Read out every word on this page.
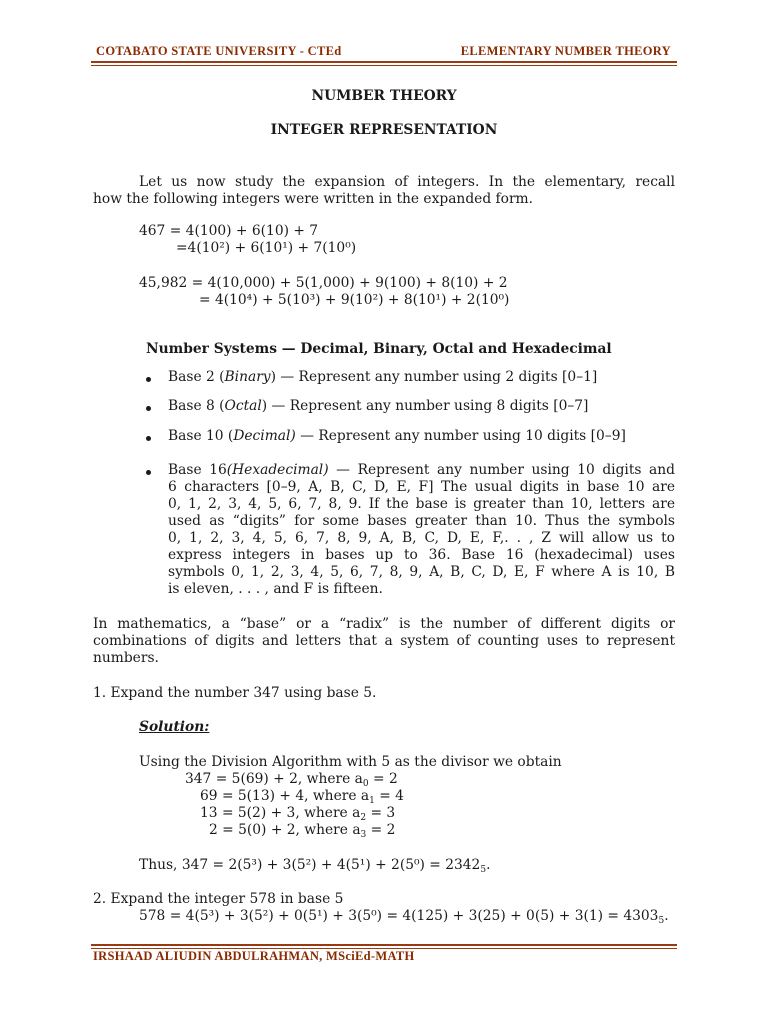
COTABATO STATE UNIVERSITY - CTEd	ELEMENTARY NUMBER THEORY
NUMBER THEORY
INTEGER REPRESENTATION
Let us now study the expansion of integers. In the elementary, recall
how the following integers were written in the expanded form.
467 = 4(100) + 6(10) + 7
=4(10²) + 6(10¹) + 7(10⁰)
45,982 = 4(10,000) + 5(1,000) + 9(100) + 8(10) + 2
= 4(10⁴) + 5(10³) + 9(10²) + 8(10¹) + 2(10⁰)
Number Systems — Decimal, Binary, Octal and Hexadecimal
Base 2 (Binary) — Represent any number using 2 digits [0–1]
Base 8 (Octal) — Represent any number using 8 digits [0–7]
Base 10 (Decimal) — Represent any number using 10 digits [0–9]
Base 16(Hexadecimal) — Represent any number using 10 digits and
6 characters [0–9, A, B, C, D, E, F] The usual digits in base 10 are
0, 1, 2, 3, 4, 5, 6, 7, 8, 9. If the base is greater than 10, letters are
used as “digits” for some bases greater than 10. Thus the symbols
0, 1, 2, 3, 4, 5, 6, 7, 8, 9, A, B, C, D, E, F,. . , Z will allow us to
express integers in bases up to 36. Base 16 (hexadecimal) uses
symbols 0, 1, 2, 3, 4, 5, 6, 7, 8, 9, A, B, C, D, E, F where A is 10, B
is eleven, . . . , and F is fifteen.
In mathematics, a “base” or a “radix” is the number of different digits or
combinations of digits and letters that a system of counting uses to represent
numbers.
1. Expand the number 347 using base 5.
Solution:
Using the Division Algorithm with 5 as the divisor we obtain
347 = 5(69) + 2, where $a_0 = 2$
69 = 5(13) + 4, where $a_1 = 4$
13 = 5(2) + 3, where $a_2 = 3$
2 = 5(0) + 2, where $a_3 = 2$
Thus, $347 = 2(5^3) + 3(5^2) + 4(5^1) + 2(5^0) = 2342_5$.
2. Expand the integer 578 in base 5
$578 = 4(5^3) + 3(5^2) + 0(5^1) + 3(5^0) = 4(125) + 3(25) + 0(5) + 3(1) = 4303_5$.
IRSHAAD ALIUDIN ABDULRAHMAN, MSciEd-MATH
